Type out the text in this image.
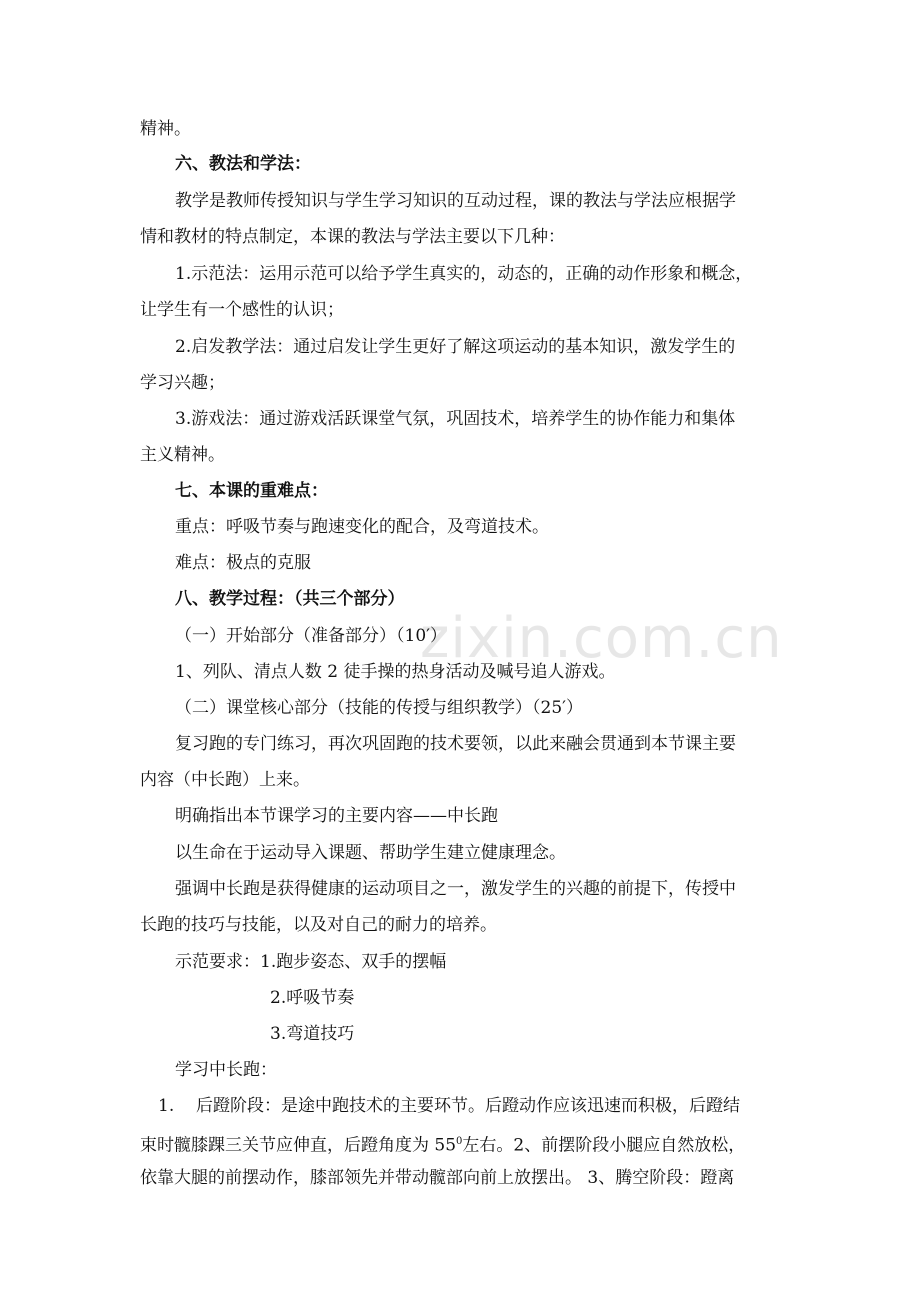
zixin.com.cn
精神。
六、教法和学法：
教学是教师传授知识与学生学习知识的互动过程，课的教法与学法应根据学
情和教材的特点制定，本课的教法与学法主要以下几种：
1.示范法：运用示范可以给予学生真实的，动态的，正确的动作形象和概念，
让学生有一个感性的认识；
2.启发教学法：通过启发让学生更好了解这项运动的基本知识，激发学生的
学习兴趣；
3.游戏法：通过游戏活跃课堂气氛，巩固技术，培养学生的协作能力和集体
主义精神。
七、本课的重难点：
重点：呼吸节奏与跑速变化的配合，及弯道技术。
难点：极点的克服
八、教学过程：（共三个部分）
（一）开始部分（准备部分）（10′）
1、列队、清点人数 2 徒手操的热身活动及喊号追人游戏。
（二）课堂核心部分（技能的传授与组织教学）（25′）
复习跑的专门练习，再次巩固跑的技术要领，以此来融会贯通到本节课主要
内容（中长跑）上来。
明确指出本节课学习的主要内容——中长跑
以生命在于运动导入课题、帮助学生建立健康理念。
强调中长跑是获得健康的运动项目之一，激发学生的兴趣的前提下，传授中
长跑的技巧与技能，以及对自己的耐力的培养。
示范要求：1.跑步姿态、双手的摆幅
2.呼吸节奏
3.弯道技巧
学习中长跑：
1. 后蹬阶段：是途中跑技术的主要环节。后蹬动作应该迅速而积极，后蹬结
束时髋膝踝三关节应伸直，后蹬角度为 $55^0$左右。2、前摆阶段小腿应自然放松，
依靠大腿的前摆动作，膝部领先并带动髋部向前上放摆出。 3、腾空阶段：蹬离
